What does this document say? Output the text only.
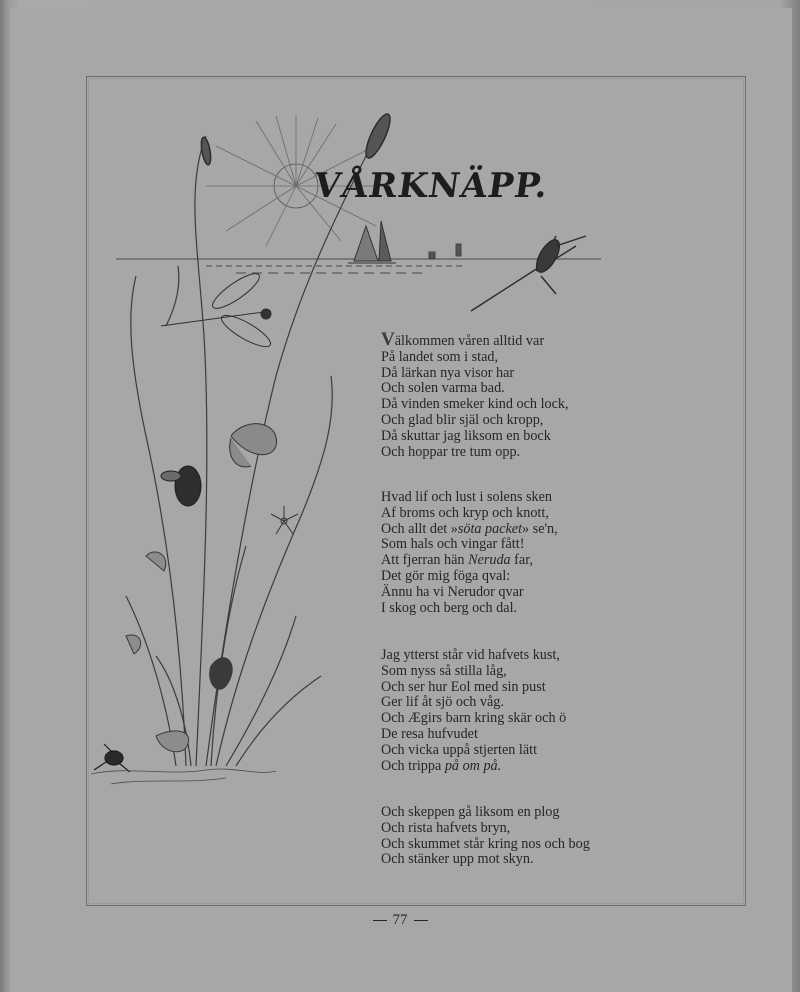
VÅRKNÄPP.
Välkommen våren alltid var
På landet som i stad,
Då lärkan nya visor har
Och solen varma bad.
Då vinden smeker kind och lock,
Och glad blir själ och kropp,
Då skuttar jag liksom en bock
Och hoppar tre tum opp.
Hvad lif och lust i solens sken
Af broms och kryp och knott,
Och allt det »söta packet» se'n,
Som hals och vingar fått!
Att fjerran hän Neruda far,
Det gör mig föga qval:
Ännu ha vi Nerudor qvar
I skog och berg och dal.
Jag ytterst står vid hafvets kust,
Som nyss så stilla låg,
Och ser hur Eol med sin pust
Ger lif åt sjö och våg.
Och Ægirs barn kring skär och ö
De resa hufvudet
Och vicka uppå stjerten lätt
Och trippa på om på.
Och skeppen gå liksom en plog
Och rista hafvets bryn,
Och skummet står kring nos och bog
Och stänker upp mot skyn.
77
